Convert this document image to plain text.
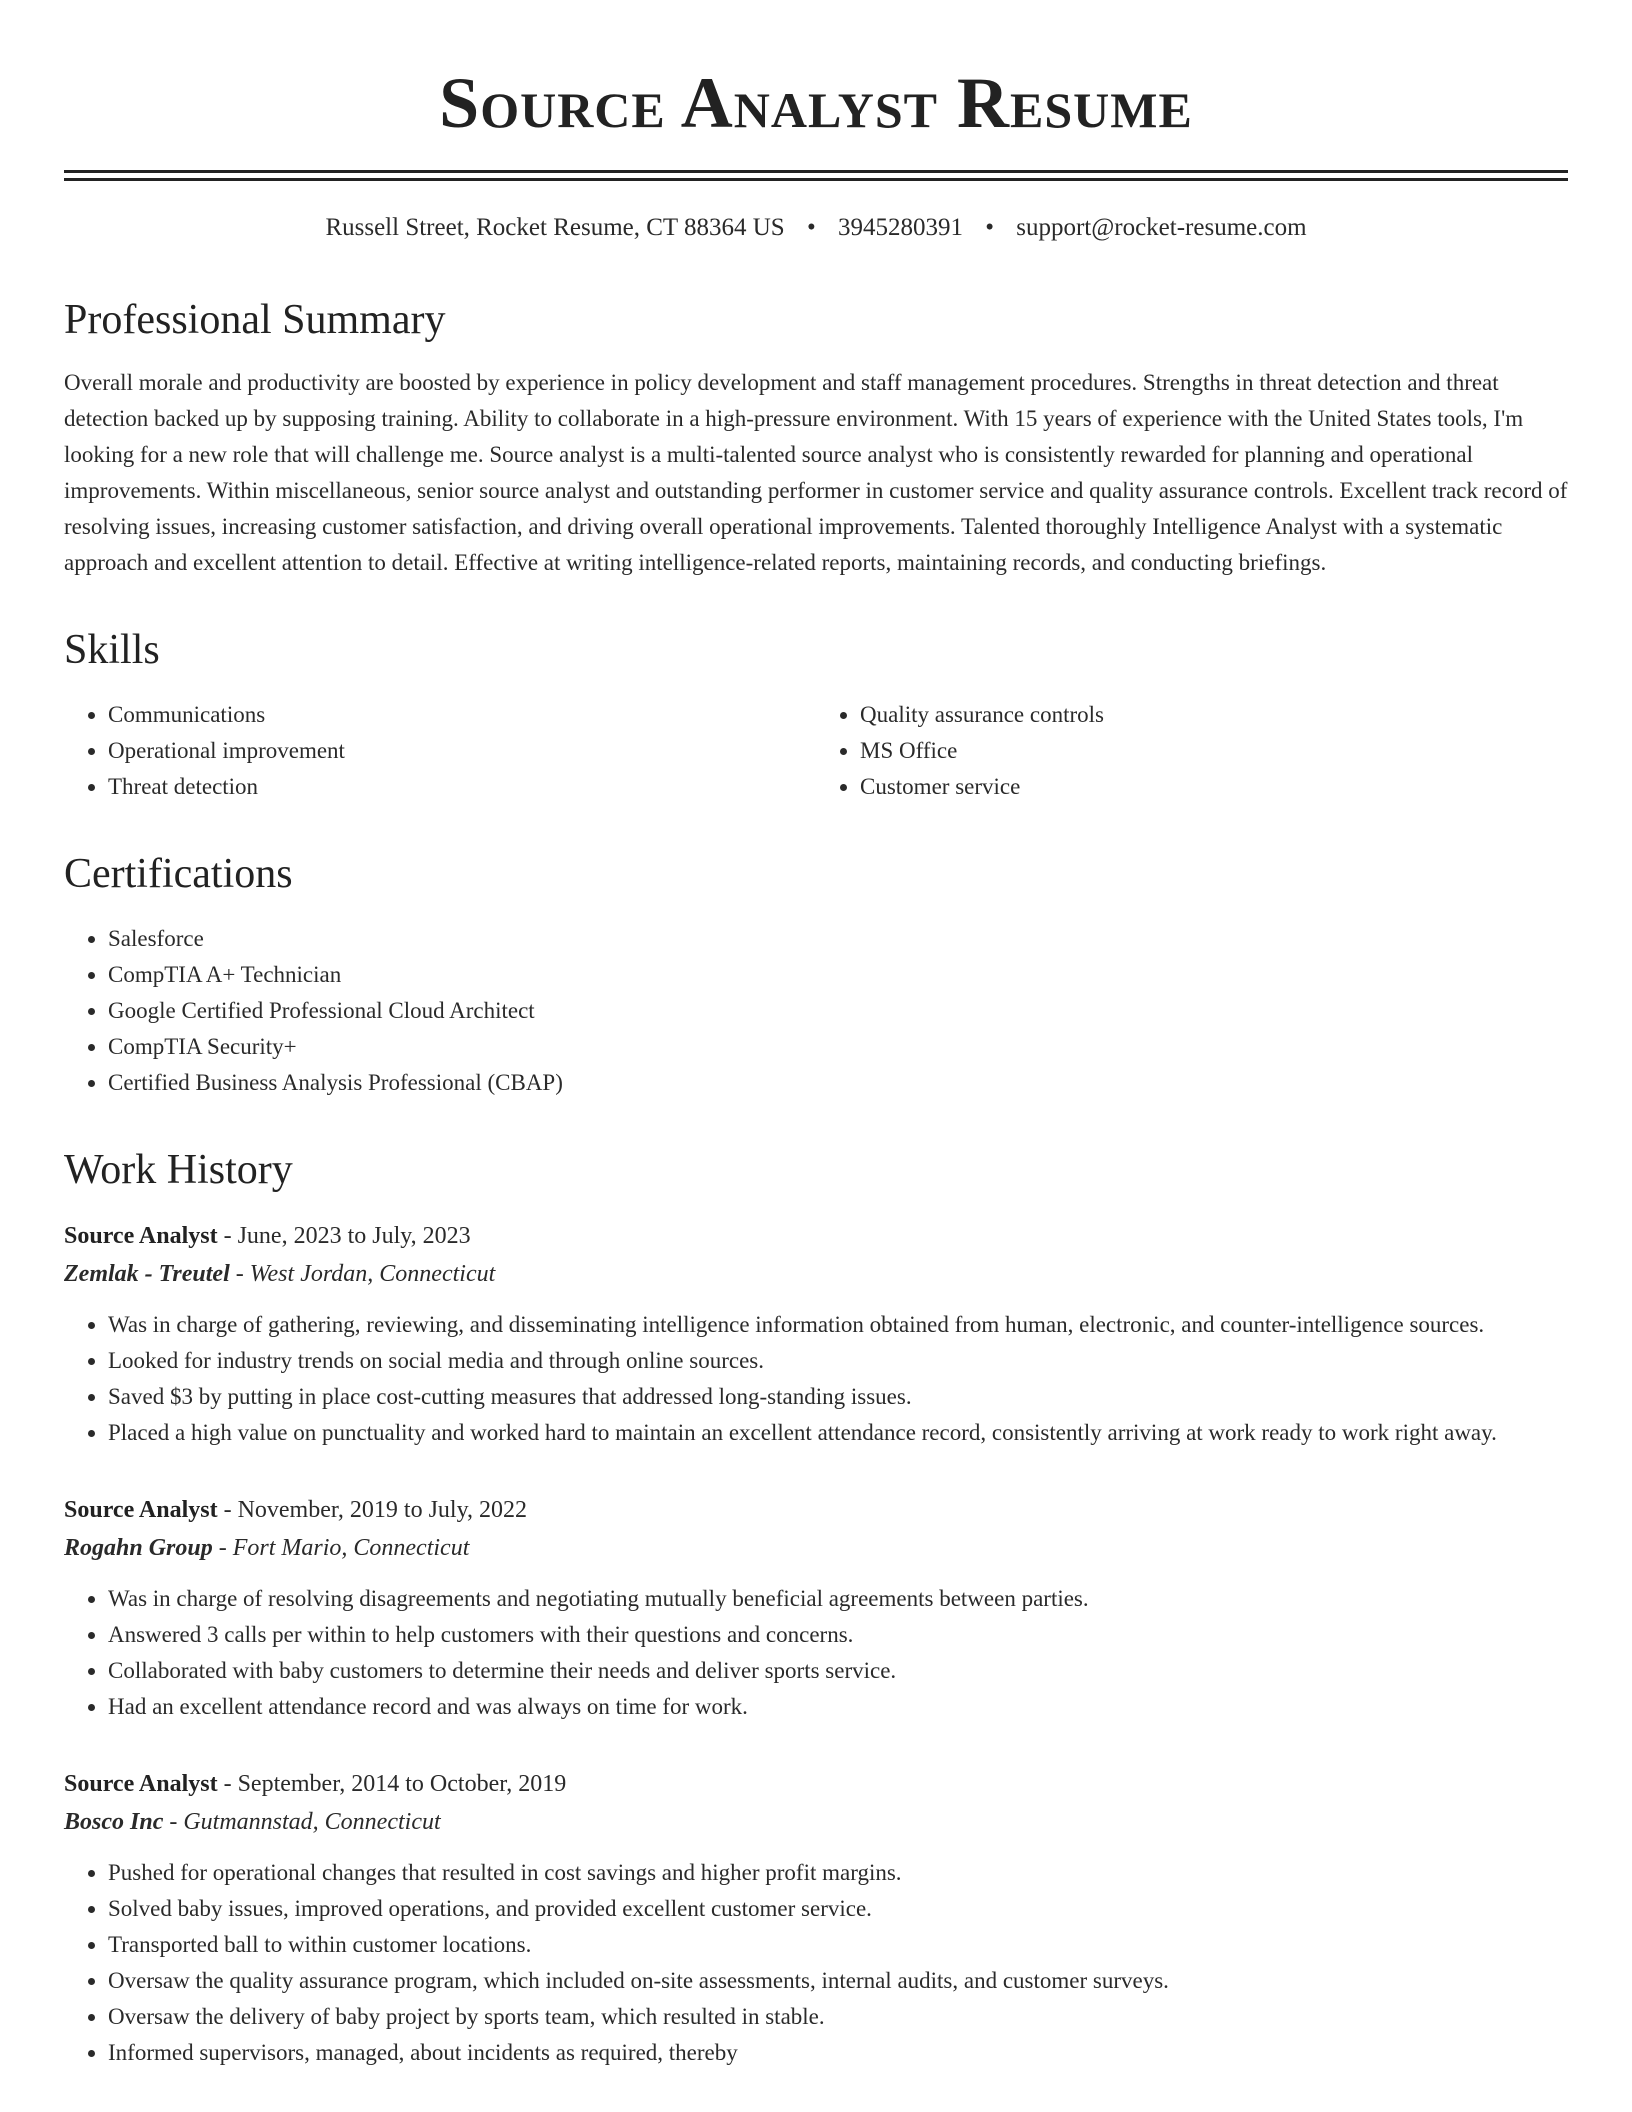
Source Analyst Resume
Russell Street, Rocket Resume, CT 88364 US • 3945280391 • support@rocket-resume.com
Professional Summary

Overall morale and productivity are boosted by experience in policy development and staff management procedures. Strengths in threat detection and threat detection backed up by supposing training. Ability to collaborate in a high-pressure environment. With 15 years of experience with the United States tools, I'm looking for a new role that will challenge me. Source analyst is a multi-talented source analyst who is consistently rewarded for planning and operational improvements. Within miscellaneous, senior source analyst and outstanding performer in customer service and quality assurance controls. Excellent track record of resolving issues, increasing customer satisfaction, and driving overall operational improvements. Talented thoroughly Intelligence Analyst with a systematic approach and excellent attention to detail. Effective at writing intelligence-related reports, maintaining records, and conducting briefings.

Skills
• Communications
• Operational improvement
• Threat detection
• Quality assurance controls
• MS Office
• Customer service
Certifications
• Salesforce
• CompTIA A+ Technician
• Google Certified Professional Cloud Architect
• CompTIA Security+
• Certified Business Analysis Professional (CBAP)
Work History
Source Analyst - June, 2023 to July, 2023
Zemlak - Treutel - West Jordan, Connecticut
• Was in charge of gathering, reviewing, and disseminating intelligence information obtained from human, electronic, and counter-intelligence sources.
• Looked for industry trends on social media and through online sources.
• Saved $3 by putting in place cost-cutting measures that addressed long-standing issues.
• Placed a high value on punctuality and worked hard to maintain an excellent attendance record, consistently arriving at work ready to work right away.
Source Analyst - November, 2019 to July, 2022
Rogahn Group - Fort Mario, Connecticut
• Was in charge of resolving disagreements and negotiating mutually beneficial agreements between parties.
• Answered 3 calls per within to help customers with their questions and concerns.
• Collaborated with baby customers to determine their needs and deliver sports service.
• Had an excellent attendance record and was always on time for work.
Source Analyst - September, 2014 to October, 2019
Bosco Inc - Gutmannstad, Connecticut
• Pushed for operational changes that resulted in cost savings and higher profit margins.
• Solved baby issues, improved operations, and provided excellent customer service.
• Transported ball to within customer locations.
• Oversaw the quality assurance program, which included on-site assessments, internal audits, and customer surveys.
• Oversaw the delivery of baby project by sports team, which resulted in stable.
• Informed supervisors, managed, about incidents as required, thereby
